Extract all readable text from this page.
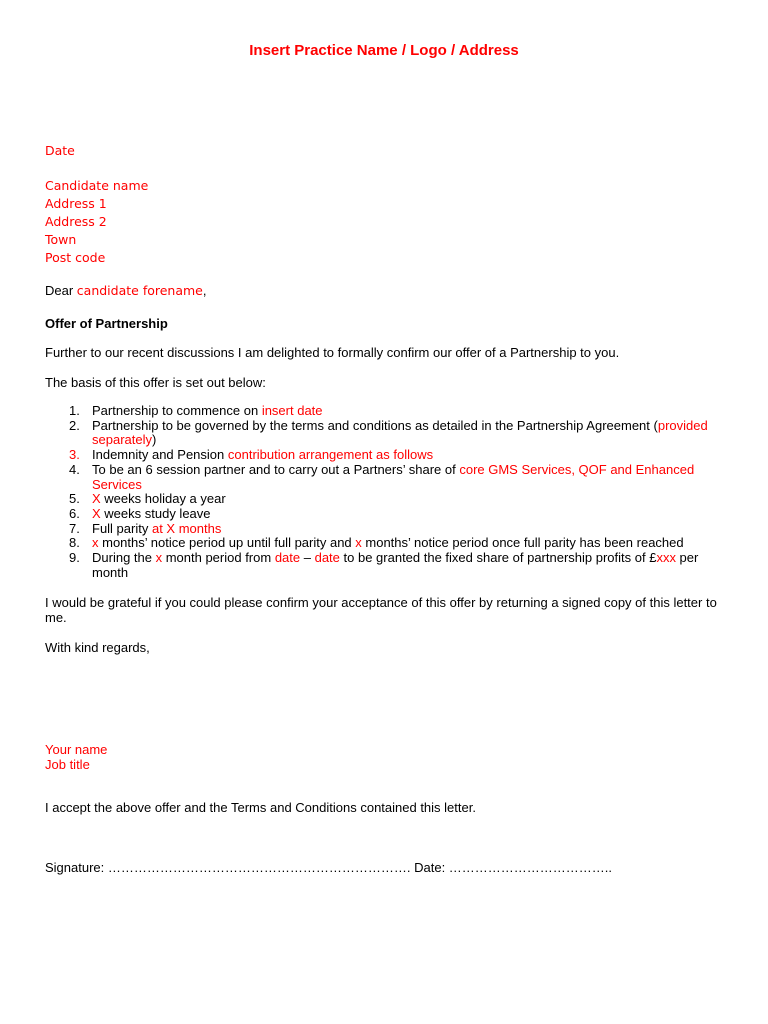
Insert Practice Name / Logo / Address
Date
Candidate name
Address 1
Address 2
Town
Post code
Dear candidate forename,
Offer of Partnership
Further to our recent discussions I am delighted to formally confirm our offer of a Partnership to you.
The basis of this offer is set out below:
1. Partnership to commence on insert date
2. Partnership to be governed by the terms and conditions as detailed in the Partnership Agreement (provided separately)
3. Indemnity and Pension contribution arrangement as follows
4. To be an 6 session partner and to carry out a Partners’ share of core GMS Services, QOF and Enhanced Services
5. X weeks holiday a year
6. X weeks study leave
7. Full parity at X months
8. x months’ notice period up until full parity and x months’ notice period once full parity has been reached
9. During the x month period from date – date to be granted the fixed share of partnership profits of £xxx per month
I would be grateful if you could please confirm your acceptance of this offer by returning a signed copy of this letter to me.
With kind regards,
Your name
Job title
I accept the above offer and the Terms and Conditions contained this letter.
Signature: ……………………………………………………………. Date: ………………………………..
